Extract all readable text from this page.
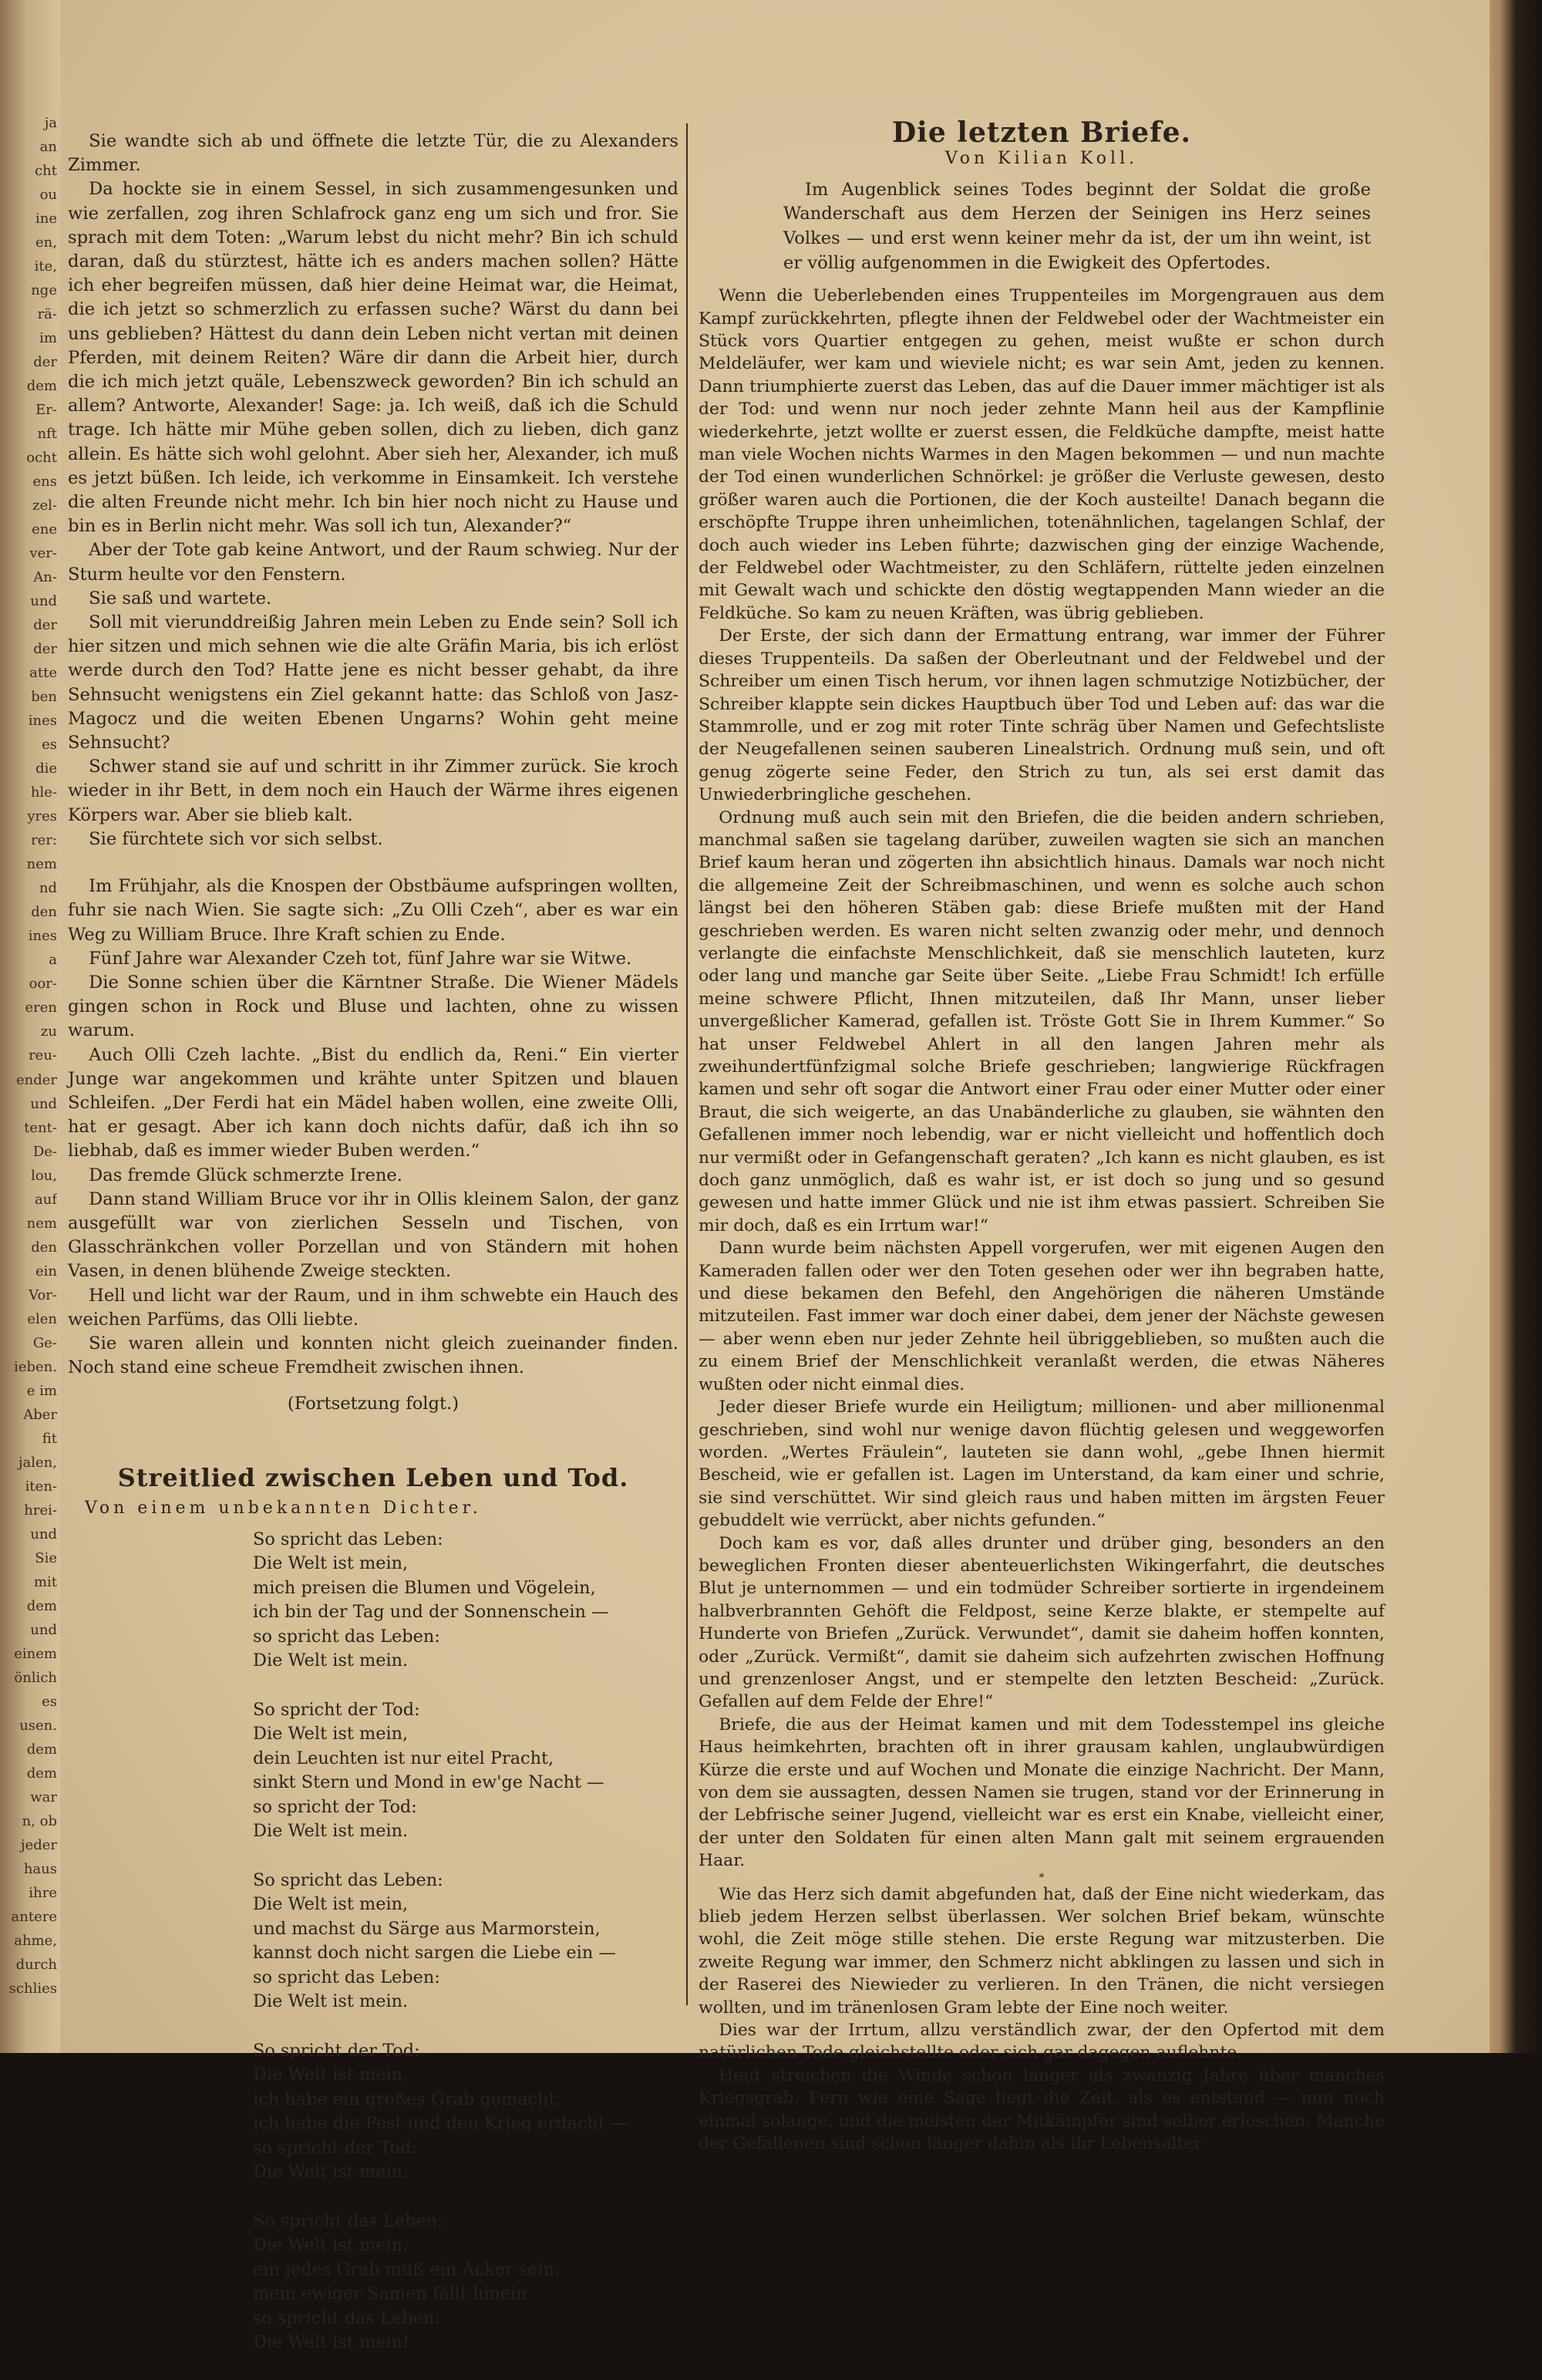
ja
an
cht
ou
ine
en,
ite,
nge
rä-
im
der
dem
Er-
nft
ocht
ens
zel-
ene
ver-
An-
und
der
der
atte
ben
ines
es
die
hle-
yres
rer:
nem
nd
den
ines
a
oor-
eren
zu
reu-
ender
und
tent-
De-
lou,
auf
nem
den
ein
Vor-
elen
Ge-
ieben.
e im
Aber
fit
jalen,
iten-
hrei-
und
Sie
mit
dem
und
einem
önlich
es
usen.
dem
dem
war
n, ob
jeder
haus
ihre
antere
ahme,
durch
schlies

Sie wandte sich ab und öffnete die letzte Tür, die zu Alexanders Zimmer.

Da hockte sie in einem Sessel, in sich zusammengesunken und wie zerfallen, zog ihren Schlafrock ganz eng um sich und fror. Sie sprach mit dem Toten: „Warum lebst du nicht mehr? Bin ich schuld daran, daß du stürztest, hätte ich es anders machen sollen? Hätte ich eher begreifen müssen, daß hier deine Heimat war, die Heimat, die ich jetzt so schmerzlich zu erfassen suche? Wärst du dann bei uns geblieben? Hättest du dann dein Leben nicht vertan mit deinen Pferden, mit deinem Reiten? Wäre dir dann die Arbeit hier, durch die ich mich jetzt quäle, Lebenszweck geworden? Bin ich schuld an allem? Antworte, Alexander! Sage: ja. Ich weiß, daß ich die Schuld trage. Ich hätte mir Mühe geben sollen, dich zu lieben, dich ganz allein. Es hätte sich wohl gelohnt. Aber sieh her, Alexander, ich muß es jetzt büßen. Ich leide, ich verkomme in Einsamkeit. Ich verstehe die alten Freunde nicht mehr. Ich bin hier noch nicht zu Hause und bin es in Berlin nicht mehr. Was soll ich tun, Alexander?“

Aber der Tote gab keine Antwort, und der Raum schwieg. Nur der Sturm heulte vor den Fenstern.

Sie saß und wartete.

Soll mit vierunddreißig Jahren mein Leben zu Ende sein? Soll ich hier sitzen und mich sehnen wie die alte Gräfin Maria, bis ich erlöst werde durch den Tod? Hatte jene es nicht besser gehabt, da ihre Sehnsucht wenigstens ein Ziel gekannt hatte: das Schloß von Jasz-Magocz und die weiten Ebenen Ungarns? Wohin geht meine Sehnsucht?

Schwer stand sie auf und schritt in ihr Zimmer zurück. Sie kroch wieder in ihr Bett, in dem noch ein Hauch der Wärme ihres eigenen Körpers war. Aber sie blieb kalt.

Sie fürchtete sich vor sich selbst.

Im Frühjahr, als die Knospen der Obstbäume aufspringen wollten, fuhr sie nach Wien. Sie sagte sich: „Zu Olli Czeh“, aber es war ein Weg zu William Bruce. Ihre Kraft schien zu Ende.

Fünf Jahre war Alexander Czeh tot, fünf Jahre war sie Witwe.

Die Sonne schien über die Kärntner Straße. Die Wiener Mädels gingen schon in Rock und Bluse und lachten, ohne zu wissen warum.

Auch Olli Czeh lachte. „Bist du endlich da, Reni.“ Ein vierter Junge war angekommen und krähte unter Spitzen und blauen Schleifen. „Der Ferdi hat ein Mädel haben wollen, eine zweite Olli, hat er gesagt. Aber ich kann doch nichts dafür, daß ich ihn so liebhab, daß es immer wieder Buben werden.“

Das fremde Glück schmerzte Irene.

Dann stand William Bruce vor ihr in Ollis kleinem Salon, der ganz ausgefüllt war von zierlichen Sesseln und Tischen, von Glasschränkchen voller Porzellan und von Ständern mit hohen Vasen, in denen blühende Zweige steckten.

Hell und licht war der Raum, und in ihm schwebte ein Hauch des weichen Parfüms, das Olli liebte.

Sie waren allein und konnten nicht gleich zueinander finden. Noch stand eine scheue Fremdheit zwischen ihnen.

(Fortsetzung folgt.)

Streitlied zwischen Leben und Tod.

Von einem unbekannten Dichter.

So spricht das Leben:
Die Welt ist mein,
mich preisen die Blumen und Vögelein,
ich bin der Tag und der Sonnenschein —
so spricht das Leben:
Die Welt ist mein.
So spricht der Tod:
Die Welt ist mein,
dein Leuchten ist nur eitel Pracht,
sinkt Stern und Mond in ew'ge Nacht —
so spricht der Tod:
Die Welt ist mein.
So spricht das Leben:
Die Welt ist mein,
und machst du Särge aus Marmorstein,
kannst doch nicht sargen die Liebe ein —
so spricht das Leben:
Die Welt ist mein.
So spricht der Tod:
Die Welt ist mein,
ich habe ein großes Grab gemacht,
ich habe die Pest und den Krieg erdacht —
so spricht der Tod:
Die Welt ist mein.
So spricht das Leben:
Die Welt ist mein,
ein jedes Grab muß ein Acker sein,
mein ewiger Samen fällt hinein
so spricht das Leben:
Die Welt ist mein!

Die letzten Briefe.

Von Kilian Koll.

Im Augenblick seines Todes beginnt der Soldat die große Wanderschaft aus dem Herzen der Seinigen ins Herz seines Volkes — und erst wenn keiner mehr da ist, der um ihn weint, ist er völlig aufgenommen in die Ewigkeit des Opfertodes.

Wenn die Ueberlebenden eines Truppenteiles im Morgengrauen aus dem Kampf zurückkehrten, pflegte ihnen der Feldwebel oder der Wachtmeister ein Stück vors Quartier entgegen zu gehen, meist wußte er schon durch Meldeläufer, wer kam und wieviele nicht; es war sein Amt, jeden zu kennen. Dann triumphierte zuerst das Leben, das auf die Dauer immer mächtiger ist als der Tod: und wenn nur noch jeder zehnte Mann heil aus der Kampflinie wiederkehrte, jetzt wollte er zuerst essen, die Feldküche dampfte, meist hatte man viele Wochen nichts Warmes in den Magen bekommen — und nun machte der Tod einen wunderlichen Schnörkel: je größer die Verluste gewesen, desto größer waren auch die Portionen, die der Koch austeilte! Danach begann die erschöpfte Truppe ihren unheimlichen, totenähnlichen, tagelangen Schlaf, der doch auch wieder ins Leben führte; dazwischen ging der einzige Wachende, der Feldwebel oder Wachtmeister, zu den Schläfern, rüttelte jeden einzelnen mit Gewalt wach und schickte den döstig wegtappenden Mann wieder an die Feldküche. So kam zu neuen Kräften, was übrig geblieben.

Der Erste, der sich dann der Ermattung entrang, war immer der Führer dieses Truppenteils. Da saßen der Oberleutnant und der Feldwebel und der Schreiber um einen Tisch herum, vor ihnen lagen schmutzige Notizbücher, der Schreiber klappte sein dickes Hauptbuch über Tod und Leben auf: das war die Stammrolle, und er zog mit roter Tinte schräg über Namen und Gefechtsliste der Neugefallenen seinen sauberen Linealstrich. Ordnung muß sein, und oft genug zögerte seine Feder, den Strich zu tun, als sei erst damit das Unwiederbringliche geschehen.

Ordnung muß auch sein mit den Briefen, die die beiden andern schrieben, manchmal saßen sie tagelang darüber, zuweilen wagten sie sich an manchen Brief kaum heran und zögerten ihn absichtlich hinaus. Damals war noch nicht die allgemeine Zeit der Schreibmaschinen, und wenn es solche auch schon längst bei den höheren Stäben gab: diese Briefe mußten mit der Hand geschrieben werden. Es waren nicht selten zwanzig oder mehr, und dennoch verlangte die einfachste Menschlichkeit, daß sie menschlich lauteten, kurz oder lang und manche gar Seite über Seite. „Liebe Frau Schmidt! Ich erfülle meine schwere Pflicht, Ihnen mitzuteilen, daß Ihr Mann, unser lieber unvergeßlicher Kamerad, gefallen ist. Tröste Gott Sie in Ihrem Kummer.“ So hat unser Feldwebel Ahlert in all den langen Jahren mehr als zweihundertfünfzigmal solche Briefe geschrieben; langwierige Rückfragen kamen und sehr oft sogar die Antwort einer Frau oder einer Mutter oder einer Braut, die sich weigerte, an das Unabänderliche zu glauben, sie wähnten den Gefallenen immer noch lebendig, war er nicht vielleicht und hoffentlich doch nur vermißt oder in Gefangenschaft geraten? „Ich kann es nicht glauben, es ist doch ganz unmöglich, daß es wahr ist, er ist doch so jung und so gesund gewesen und hatte immer Glück und nie ist ihm etwas passiert. Schreiben Sie mir doch, daß es ein Irrtum war!“

Dann wurde beim nächsten Appell vorgerufen, wer mit eigenen Augen den Kameraden fallen oder wer den Toten gesehen oder wer ihn begraben hatte, und diese bekamen den Befehl, den Angehörigen die näheren Umstände mitzuteilen. Fast immer war doch einer dabei, dem jener der Nächste gewesen — aber wenn eben nur jeder Zehnte heil übriggeblieben, so mußten auch die zu einem Brief der Menschlichkeit veranlaßt werden, die etwas Näheres wußten oder nicht einmal dies.

Jeder dieser Briefe wurde ein Heiligtum; millionen- und aber millionenmal geschrieben, sind wohl nur wenige davon flüchtig gelesen und weggeworfen worden. „Wertes Fräulein“, lauteten sie dann wohl, „gebe Ihnen hiermit Bescheid, wie er gefallen ist. Lagen im Unterstand, da kam einer und schrie, sie sind verschüttet. Wir sind gleich raus und haben mitten im ärgsten Feuer gebuddelt wie verrückt, aber nichts gefunden.“

Doch kam es vor, daß alles drunter und drüber ging, besonders an den beweglichen Fronten dieser abenteuerlichsten Wikingerfahrt, die deutsches Blut je unternommen — und ein todmüder Schreiber sortierte in irgendeinem halbverbrannten Gehöft die Feldpost, seine Kerze blakte, er stempelte auf Hunderte von Briefen „Zurück. Verwundet“, damit sie daheim hoffen konnten, oder „Zurück. Vermißt“, damit sie daheim sich aufzehrten zwischen Hoffnung und grenzenloser Angst, und er stempelte den letzten Bescheid: „Zurück. Gefallen auf dem Felde der Ehre!“

Briefe, die aus der Heimat kamen und mit dem Todesstempel ins gleiche Haus heimkehrten, brachten oft in ihrer grausam kahlen, unglaubwürdigen Kürze die erste und auf Wochen und Monate die einzige Nachricht. Der Mann, von dem sie aussagten, dessen Namen sie trugen, stand vor der Erinnerung in der Lebfrische seiner Jugend, vielleicht war es erst ein Knabe, vielleicht einer, der unter den Soldaten für einen alten Mann galt mit seinem ergrauenden Haar.

*

Wie das Herz sich damit abgefunden hat, daß der Eine nicht wiederkam, das blieb jedem Herzen selbst überlassen. Wer solchen Brief bekam, wünschte wohl, die Zeit möge stille stehen. Die erste Regung war mitzusterben. Die zweite Regung war immer, den Schmerz nicht abklingen zu lassen und sich in der Raserei des Niewieder zu verlieren. In den Tränen, die nicht versiegen wollten, und im tränenlosen Gram lebte der Eine noch weiter.

Dies war der Irrtum, allzu verständlich zwar, der den Opfertod mit dem natürlichen Tode gleichstellte oder sich gar dagegen auflehnte.

Heut streichen die Winde schon länger als zwanzig Jahre über manches Kriegsgrab. Fern wie eine Sage liegt die Zeit, als es entstand — nun noch einmal solange, und die meisten der Mitkämpfer sind selber erloschen. Manche der Gefallenen sind schon länger dahin als ihr Lebensalter
